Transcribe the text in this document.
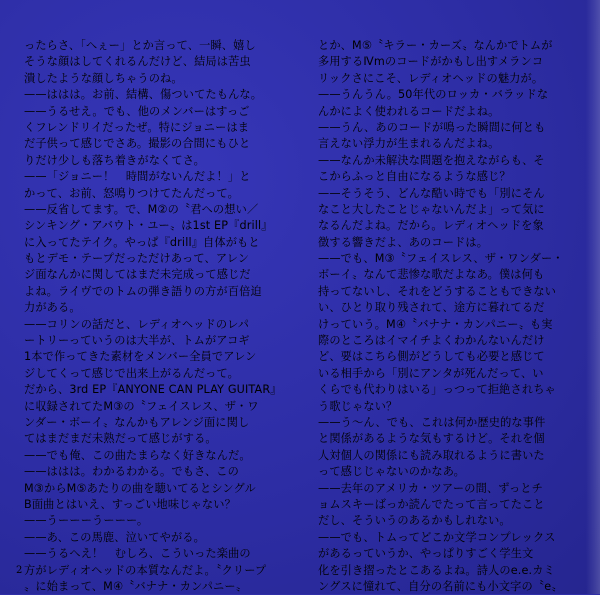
ったらさ、「へぇー」とか言って、一瞬、嬉し
そうな顔はしてくれるんだけど、結局は苦虫
潰したような顔しちゃうのね。
——ははは。お前、結構、傷ついてたもんな。
——うるせえ。でも、他のメンバーはすっご
くフレンドリイだったぜ。特にジョニーはま
だ子供って感じでさあ。撮影の合間にもひと
りだけ少しも落ち着きがなくてさ。
——「ジョニー！　時間がないんだよ！」と
かって、お前、怒鳴りつけてたんだって。
——反省してます。で、M②の〝君への想い／
シンキング・アバウト・ユー〟は1st EP『drill』
に入ってたテイク。やっぱ『drill』自体がもと
もとデモ・テープだっただけあって、アレン
ジ面なんかに関してはまだ未完成って感じだ
よね。ライヴでのトムの弾き語りの方が百倍迫
力がある。
——コリンの話だと、レディオヘッドのレパ
ートリーっていうのは大半が、トムがアコギ
1本で作ってきた素材をメンバー全員でアレン
ジしてくって感じで出来上がるんだって。
だから、3rd EP『ANYONE CAN PLAY GUITAR』
に収録されてたM③の〝フェイスレス、ザ・ワ
ンダー・ボーイ〟なんかもアレンジ面に関し
てはまだまだ未熟だって感じがする。
——でも俺、この曲たまらなく好きなんだ。
——ははは。わかるわかる。でもさ、この
M③からM⑤あたりの曲を聴いてるとシングル
B面曲とはいえ、すっごい地味じゃない？
——うーーーうーーー。
——あ、この馬鹿、泣いてやがる。
——うるへえ！　むしろ、こういった楽曲の
方がレディオヘッドの本質なんだよ。〝クリープ
〟に始まって、M④〝バナナ・カンパニー〟
とか、M⑤〝キラー・カーズ〟なんかでトムが
多用するⅣmのコードがかもし出すメランコ
リックさにこそ、レディオヘッドの魅力が。
——うんうん。50年代のロッカ・バラッドな
んかによく使われるコードだよね。
——うん、あのコードが鳴った瞬間に何とも
言えない浮力が生まれるんだよね。
——なんか未解決な問題を抱えながらも、そ
こからふっと自由になるような感じ？
——そうそう、どんな酷い時でも「別にそん
なこと大したことじゃないんだよ」って気に
なるんだよね。だから。レディオヘッドを象
徴する響きだよ、あのコードは。
——でも、M③〝フェイスレス、ザ・ワンダー・
ボーイ〟なんて悲惨な歌だよなあ。僕は何も
持ってないし、それをどうすることもできない
い、ひとり取り残されて、途方に暮れてるだ
けっていう。M④〝バナナ・カンパニー〟も実
際のところはイマイチよくわかんないんだけ
ど、要はこちら側がどうしても必要と感じて
いる相手から「別にアンタが死んだって、い
くらでも代わりはいる」っつって拒絶されちゃ
う歌じゃない？
——う～ん、でも、これは何か歴史的な事件
と関係があるような気もするけど。それを個
人対個人の関係にも読み取れるように書いた
って感じじゃないのかなあ。
——去年のアメリカ・ツアーの間、ずっとチ
ョムスキーばっか読んでたって言ってたこと
だし、そういうのあるかもしれない。
——でも、トムってどこか文学コンプレックス
があるっていうか、やっぱりすごく学生文
化を引き摺ったとこあるよね。詩人のe.e.カミ
ングスに憧れて、自分の名前にも小文字の〝e〟
2
